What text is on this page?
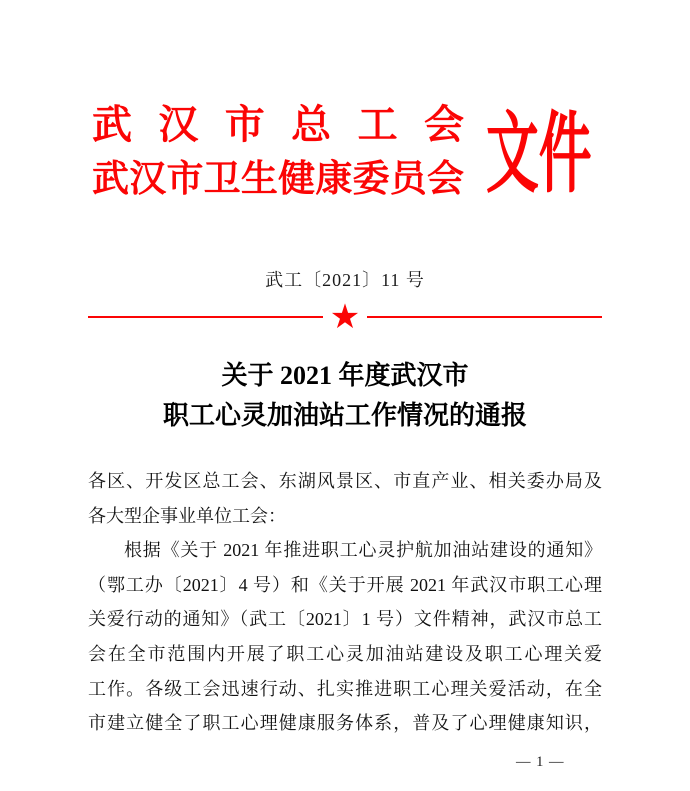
武 汉 市 总 工 会
武 汉 市 卫 生 健 康 委 员 会 文件
武工〔2021〕11 号
★
关于 2021 年度武汉市
职工心灵加油站工作情况的通报
各区、开发区总工会、东湖风景区、市直产业、相关委办局及
各大型企事业单位工会：
根据《关于 2021 年推进职工心灵护航加油站建设的通知》
（鄂工办〔2021〕4 号）和《关于开展 2021 年武汉市职工心理
关爱行动的通知》（武工〔2021〕1 号）文件精神，武汉市总工
会在全市范围内开展了职工心灵加油站建设及职工心理关爱
工作。各级工会迅速行动、扎实推进职工心理关爱活动，在全
市建立健全了职工心理健康服务体系，普及了心理健康知识，
— 1 —
